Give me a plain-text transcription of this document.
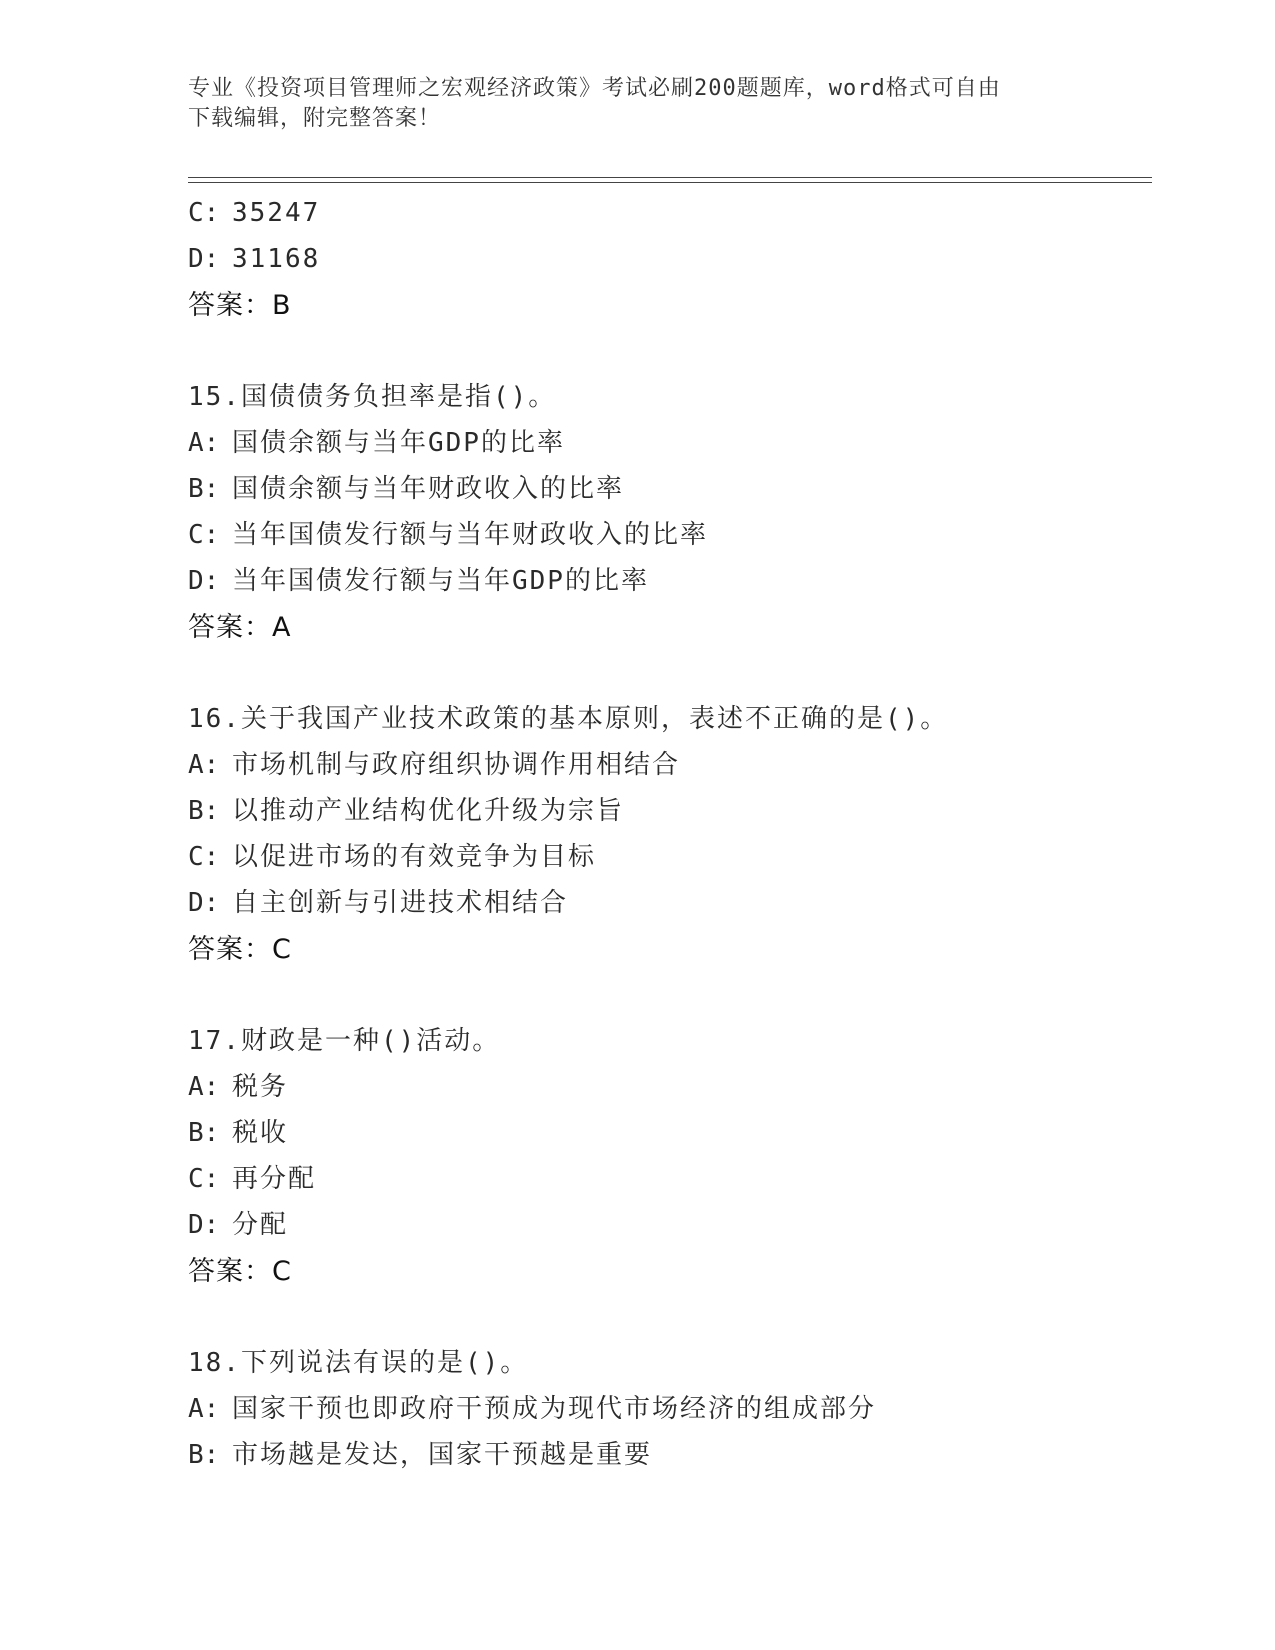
专业《投资项目管理师之宏观经济政策》考试必刷200题题库，word格式可自由
下载编辑，附完整答案！
C: 35247
D: 31168
答案：B
15.国债债务负担率是指()。
A: 国债余额与当年GDP的比率
B: 国债余额与当年财政收入的比率
C: 当年国债发行额与当年财政收入的比率
D: 当年国债发行额与当年GDP的比率
答案：A
16.关于我国产业技术政策的基本原则，表述不正确的是()。
A: 市场机制与政府组织协调作用相结合
B: 以推动产业结构优化升级为宗旨
C: 以促进市场的有效竞争为目标
D: 自主创新与引进技术相结合
答案：C
17.财政是一种()活动。
A: 税务
B: 税收
C: 再分配
D: 分配
答案：C
18.下列说法有误的是()。
A: 国家干预也即政府干预成为现代市场经济的组成部分
B: 市场越是发达，国家干预越是重要
